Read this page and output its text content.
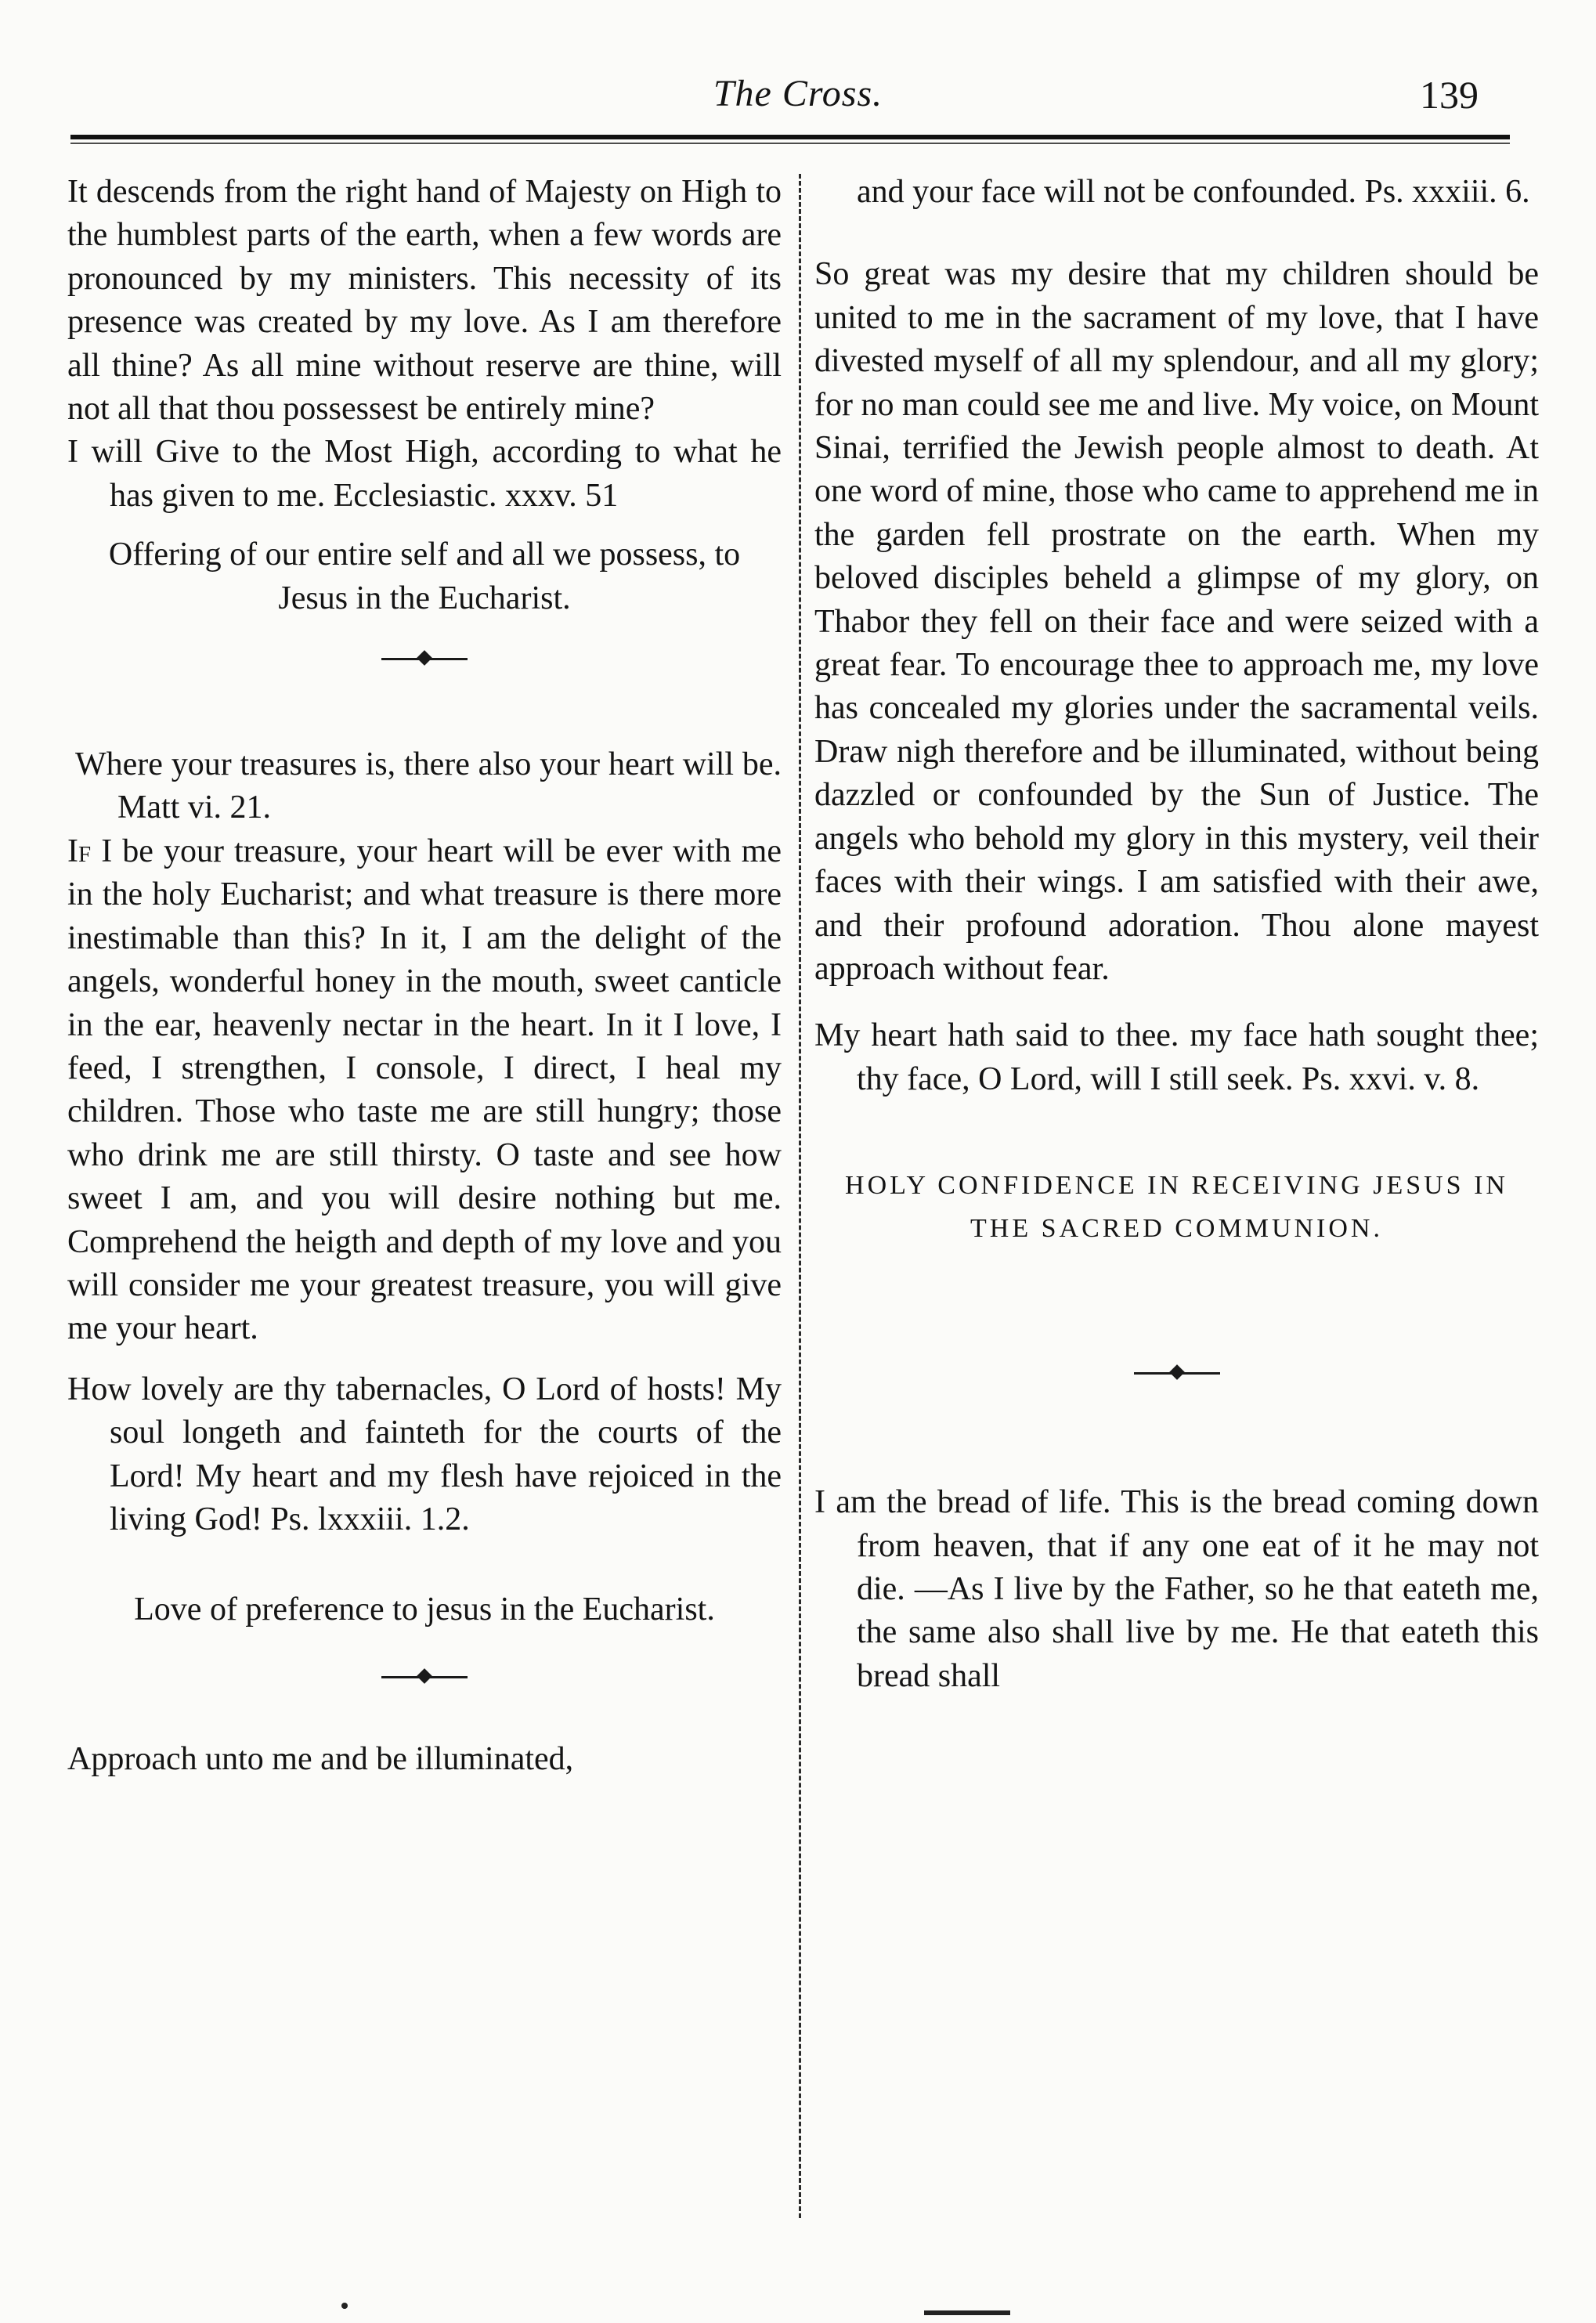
The Cross.	139

It descends from the right hand of Majesty on High to the humblest parts of the earth, when a few words are pronounced by my ministers. This necessity of its presence was created by my love. As I am therefore all thine? As all mine without reserve are thine, will not all that thou possessest be entirely mine?

I will Give to the Most High, according to what he has given to me. Ecclesiastic. xxxv. 51

Offering of our entire self and all we possess, to Jesus in the Eucharist.

Where your treasures is, there also your heart will be. Matt vi. 21.

If I be your treasure, your heart will be ever with me in the holy Eucharist; and what treasure is there more inestimable than this? In it, I am the delight of the angels, wonderful honey in the mouth, sweet canticle in the ear, heavenly nectar in the heart. In it I love, I feed, I strengthen, I console, I direct, I heal my children. Those who taste me are still hungry; those who drink me are still thirsty. O taste and see how sweet I am, and you will desire nothing but me. Comprehend the heigth and depth of my love and you will consider me your greatest treasure, you will give me your heart.

How lovely are thy tabernacles, O Lord of hosts! My soul longeth and fainteth for the courts of the Lord! My heart and my flesh have rejoiced in the living God! Ps. lxxxiii. 1.2.

Love of preference to jesus in the Eucharist.

Approach unto me and be illuminated,

and your face will not be confounded. Ps. xxxiii. 6.

So great was my desire that my children should be united to me in the sacrament of my love, that I have divested myself of all my splendour, and all my glory; for no man could see me and live. My voice, on Mount Sinai, terrified the Jewish people almost to death. At one word of mine, those who came to apprehend me in the garden fell prostrate on the earth. When my beloved disciples beheld a glimpse of my glory, on Thabor they fell on their face and were seized with a great fear. To encourage thee to approach me, my love has concealed my glories under the sacramental veils. Draw nigh therefore and be illuminated, without being dazzled or confounded by the Sun of Justice. The angels who behold my glory in this mystery, veil their faces with their wings. I am satisfied with their awe, and their profound adoration. Thou alone mayest approach without fear.

My heart hath said to thee. my face hath sought thee; thy face, O Lord, will I still seek. Ps. xxvi. v. 8.

HOLY CONFIDENCE IN RECEIVING JESUS IN
THE SACRED COMMUNION.

I am the bread of life. This is the bread coming down from heaven, that if any one eat of it he may not die. —As I live by the Father, so he that eateth me, the same also shall live by me. He that eateth this bread shall
